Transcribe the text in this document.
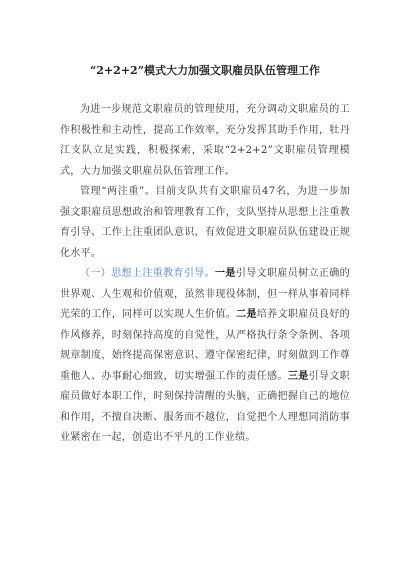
“2+2+2”模式大力加强文职雇员队伍管理工作

为进一步规范文职雇员的管理使用，充分调动文职雇员的工作积极性和主动性，提高工作效率，充分发挥其助手作用，牡丹江支队立足实践，积极探索，采取“2+2+2”文职雇员管理模式，大力加强文职雇员队伍管理工作。

管理“两注重”。目前支队共有文职雇员47名，为进一步加强文职雇员思想政治和管理教育工作，支队坚持从思想上注重教育引导、工作上注重团队意识，有效促进文职雇员队伍建设正规化水平。

（一）思想上注重教育引导。一是引导文职雇员树立正确的世界观、人生观和价值观，虽然非现役体制，但一样从事着同样光荣的工作，同样可以实现人生价值。二是培养文职雇员良好的作风修养，时刻保持高度的自觉性，从严格执行条令条例、各项规章制度，始终提高保密意识、遵守保密纪律，时刻做到工作尊重他人、办事耐心细致，切实增强工作的责任感。三是引导文职雇员做好本职工作，时刻保持清醒的头脑，正确把握自己的地位和作用，不擅自决断、服务而不越位，自觉把个人理想同消防事业紧密在一起，创造出不平凡的工作业绩。
